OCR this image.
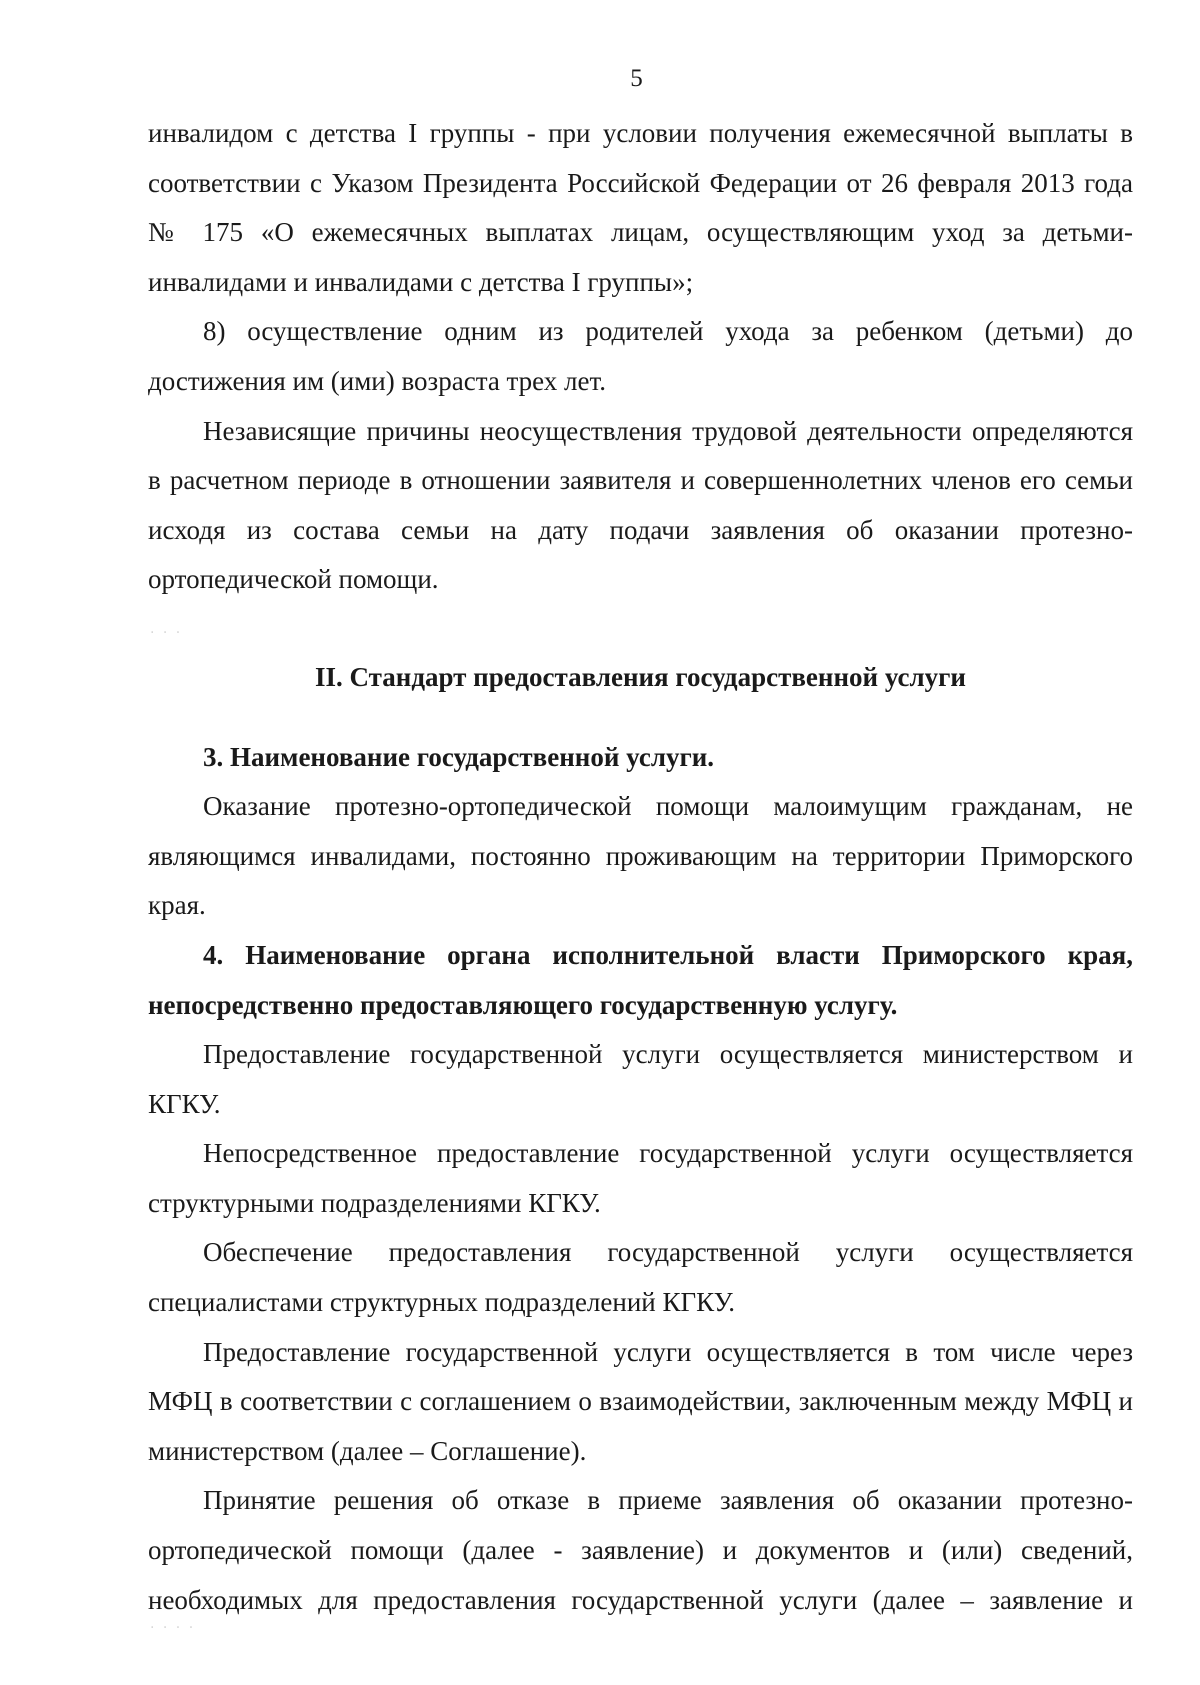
5

инвалидом с детства I группы - при условии получения ежемесячной выплаты в соответствии с Указом Президента Российской Федерации от 26 февраля 2013 года № 175 «О ежемесячных выплатах лицам, осуществляющим уход за детьми-инвалидами и инвалидами с детства I группы»;

8) осуществление одним из родителей ухода за ребенком (детьми) до достижения им (ими) возраста трех лет.

Независящие причины неосуществления трудовой деятельности определяются в расчетном периоде в отношении заявителя и совершеннолетних членов его семьи исходя из состава семьи на дату подачи заявления об оказании протезно-ортопедической помощи.

II. Стандарт предоставления государственной услуги

3. Наименование государственной услуги.

Оказание протезно-ортопедической помощи малоимущим гражданам, не являющимся инвалидами, постоянно проживающим на территории Приморского края.

4. Наименование органа исполнительной власти Приморского края, непосредственно предоставляющего государственную услугу.

Предоставление государственной услуги осуществляется министерством и КГКУ.

Непосредственное предоставление государственной услуги осуществляется структурными подразделениями КГКУ.

Обеспечение предоставления государственной услуги осуществляется специалистами структурных подразделений КГКУ.

Предоставление государственной услуги осуществляется в том числе через МФЦ в соответствии с соглашением о взаимодействии, заключенным между МФЦ и министерством (далее – Соглашение).

Принятие решения об отказе в приеме заявления об оказании протезно-ортопедической помощи (далее - заявление) и документов и (или) сведений, необходимых для предоставления государственной услуги (далее – заявление и

· · ·
· · · ·
